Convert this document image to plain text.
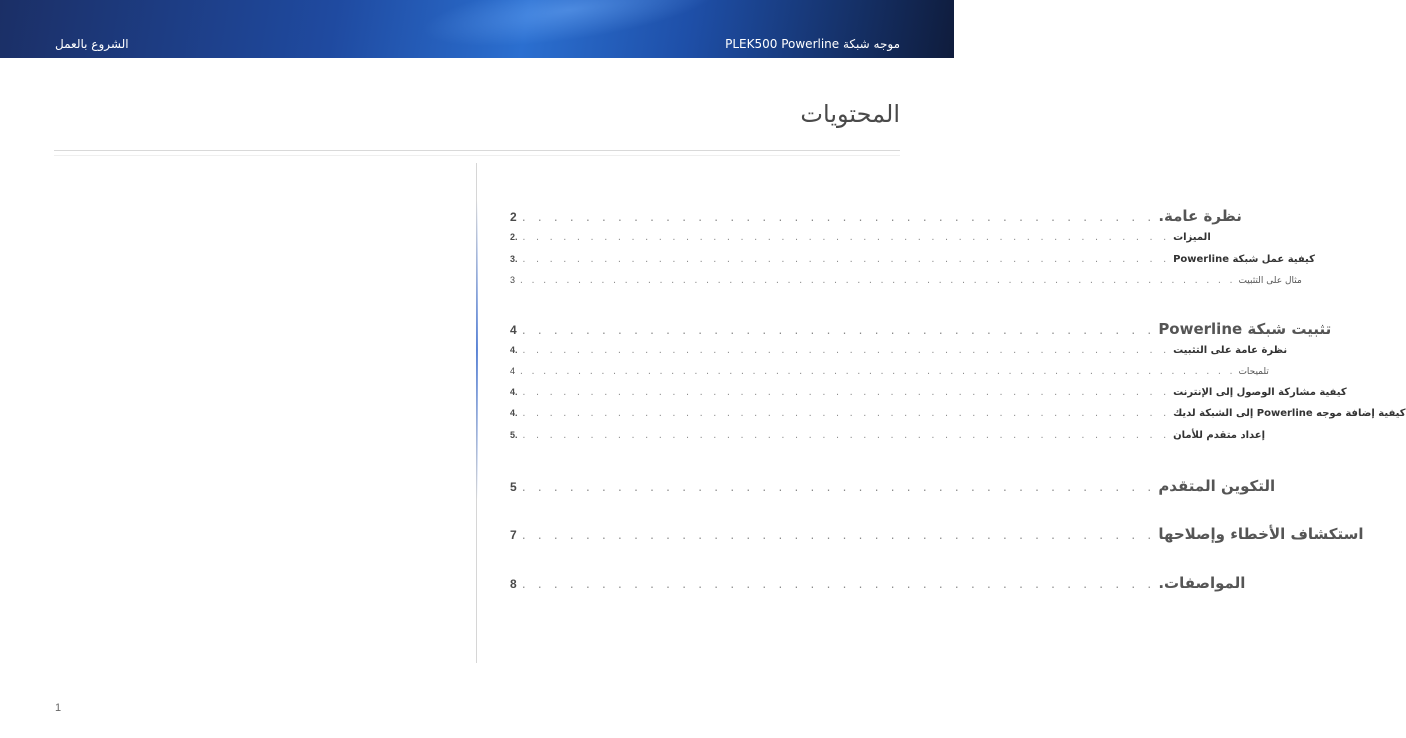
الشروع بالعمل	موجه شبكة PLEK500 Powerline
المحتويات
2 . . . . . . . . . . . . . . . . . . . . . . . . . . . . . . . . . . . . . . . . نظرة عامة.
2. . . . . . . . . . . . . . . . . . . . . . . . . . . . . . . . . . . . . . . . . . . . . . . . . الميزات
3. . . . . . . . . . . . . . . . . . . . . . . . . . . . . . . . . . . . . . . . . . . . . . . . . كيفية عمل شبكة Powerline
3 . . . . . . . . . . . . . . . . . . . . . . . . . . . . . . . . . . . . . . . . . . . . . . . . . . . . . . . . . . . . . . مثال على التثبيت
4 . . . . . . . . . . . . . . . . . . . . . . . . . . . . . . . . . . . . . . . . تثبيت شبكة Powerline
4. . . . . . . . . . . . . . . . . . . . . . . . . . . . . . . . . . . . . . . . . . . . . . . . . نظرة عامة على التثبيت
4 . . . . . . . . . . . . . . . . . . . . . . . . . . . . . . . . . . . . . . . . . . . . . . . . . . . . . . . . . . . . . . تلميحات
4. . . . . . . . . . . . . . . . . . . . . . . . . . . . . . . . . . . . . . . . . . . . . . . . . كيفية مشاركة الوصول إلى الإنترنت
4. . . . . . . . . . . . . . . . . . . . . . . . . . . . . . . . . . . . . . . . . . . . . . . . . كيفية إضافة موجه Powerline إلى الشبكة لديك
5. . . . . . . . . . . . . . . . . . . . . . . . . . . . . . . . . . . . . . . . . . . . . . . . . إعداد متقدم للأمان
5 . . . . . . . . . . . . . . . . . . . . . . . . . . . . . . . . . . . . . . . . التكوين المتقدم
7 . . . . . . . . . . . . . . . . . . . . . . . . . . . . . . . . . . . . . . . . استكشاف الأخطاء وإصلاحها
8 . . . . . . . . . . . . . . . . . . . . . . . . . . . . . . . . . . . . . . . . المواصفات.
1
